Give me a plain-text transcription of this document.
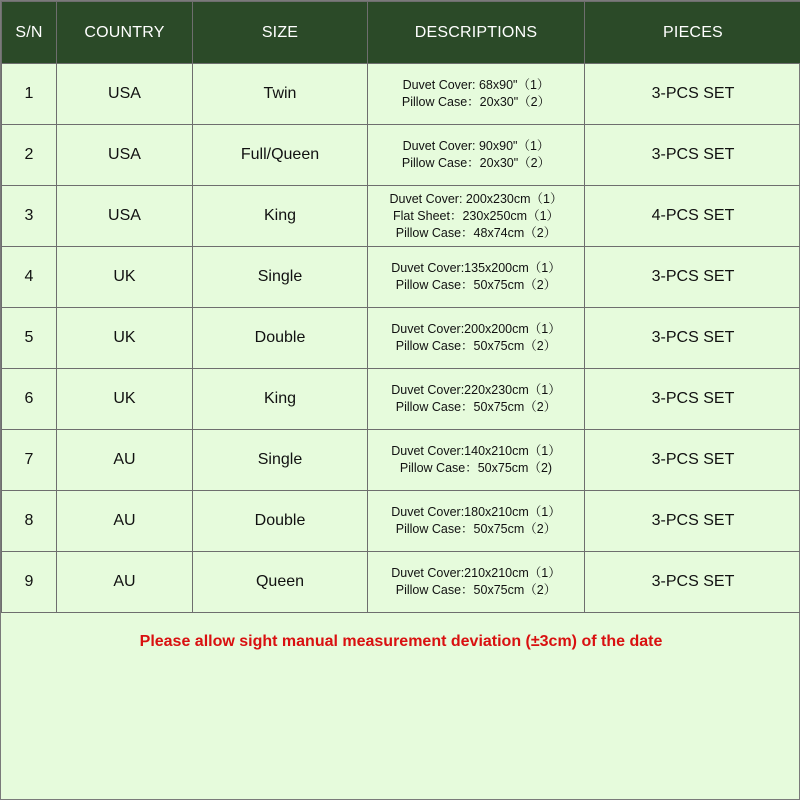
S/N	COUNTRY	SIZE	DESCRIPTIONS	PIECES
1	USA	Twin	Duvet Cover: 68x90"（1）
Pillow Case：20x30"（2）	3-PCS SET
2	USA	Full/Queen	Duvet Cover: 90x90"（1）
Pillow Case：20x30"（2）	3-PCS SET
3	USA	King	Duvet Cover: 200x230cm（1）
Flat Sheet：230x250cm（1）
Pillow Case：48x74cm（2）	4-PCS SET
4	UK	Single	Duvet Cover:135x200cm（1）
Pillow Case：50x75cm（2）	3-PCS SET
5	UK	Double	Duvet Cover:200x200cm（1）
Pillow Case：50x75cm（2）	3-PCS SET
6	UK	King	Duvet Cover:220x230cm（1）
Pillow Case：50x75cm（2）	3-PCS SET
7	AU	Single	Duvet Cover:140x210cm（1）
Pillow Case：50x75cm（2)	3-PCS SET
8	AU	Double	Duvet Cover:180x210cm（1）
Pillow Case：50x75cm（2）	3-PCS SET
9	AU	Queen	Duvet Cover:210x210cm（1）
Pillow Case：50x75cm（2）	3-PCS SET
Please allow sight manual measurement deviation (±3cm) of the date
